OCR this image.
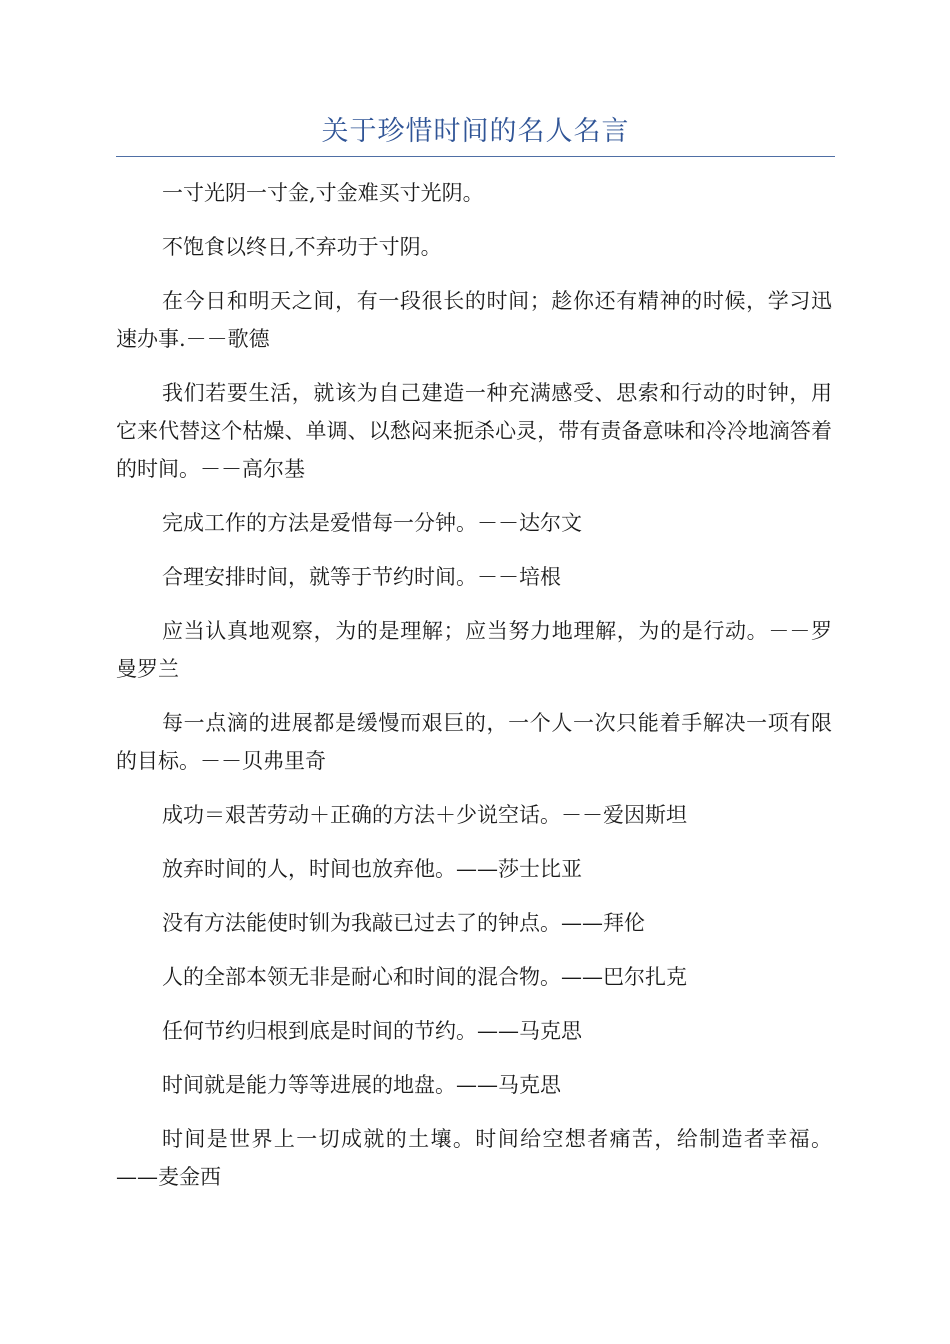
关于珍惜时间的名人名言

一寸光阴一寸金,寸金难买寸光阴。

不饱食以终日,不弃功于寸阴。

在今日和明天之间，有一段很长的时间；趁你还有精神的时候，学习迅速办事.－－歌德

我们若要生活，就该为自己建造一种充满感受、思索和行动的时钟，用它来代替这个枯燥、单调、以愁闷来扼杀心灵，带有责备意味和冷冷地滴答着的时间。－－高尔基

完成工作的方法是爱惜每一分钟。－－达尔文

合理安排时间，就等于节约时间。－－培根

应当认真地观察，为的是理解；应当努力地理解，为的是行动。－－罗曼罗兰

每一点滴的进展都是缓慢而艰巨的，一个人一次只能着手解决一项有限的目标。－－贝弗里奇

成功＝艰苦劳动＋正确的方法＋少说空话。－－爱因斯坦

放弃时间的人，时间也放弃他。——莎士比亚

没有方法能使时钏为我敲已过去了的钟点。——拜伦

人的全部本领无非是耐心和时间的混合物。——巴尔扎克

任何节约归根到底是时间的节约。——马克思

时间就是能力等等进展的地盘。——马克思

时间是世界上一切成就的土壤。时间给空想者痛苦，给制造者幸福。——麦金西
